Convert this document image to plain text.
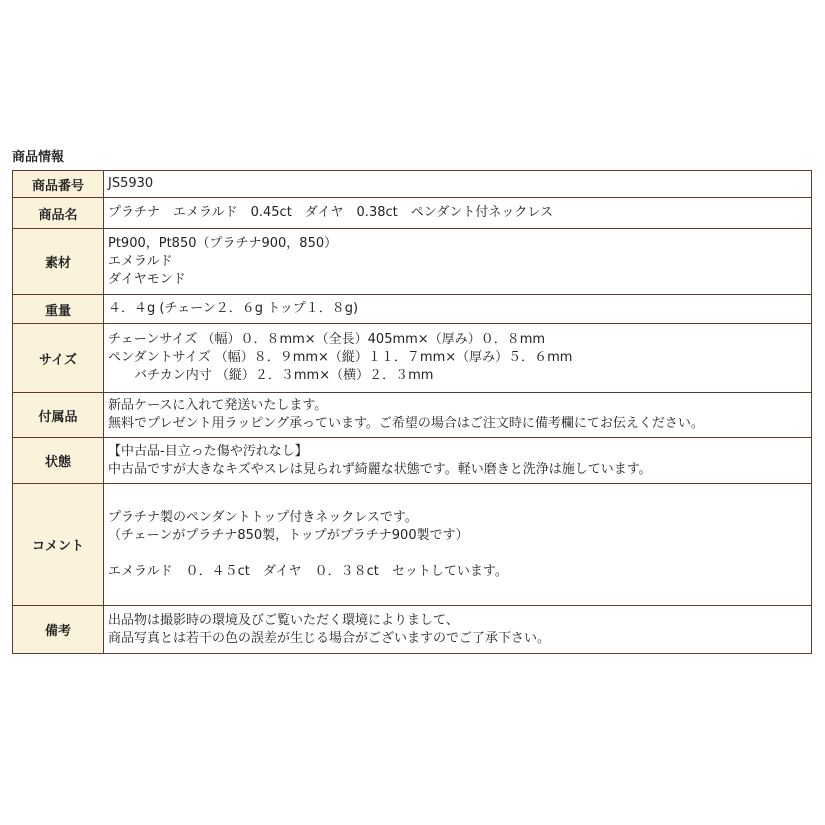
商品情報
商品番号	JS5930

商品名	プラチナ　エメラルド　0.45ct　ダイヤ　0.38ct　ペンダント付ネックレス

素材	Pt900，Pt850（プラチナ900，850）
エメラルド
ダイヤモンド

重量	４．４g (チェーン２．６g トップ１．８g)

サイズ	チェーンサイズ （幅）０．８mm×（全長）405mm×（厚み）０．８mm
ペンダントサイズ （幅）８．９mm×（縦）１１．７mm×（厚み）５．６mm
　　バチカン内寸 （縦）２．３mm×（横）２．３mm

付属品	新品ケースに入れて発送いたします。
無料でプレゼント用ラッピング承っています。ご希望の場合はご注文時に備考欄にてお伝えください。

状態	【中古品-目立った傷や汚れなし】
中古品ですが大きなキズやスレは見られず綺麗な状態です。軽い磨きと洗浄は施しています。

コメント	プラチナ製のペンダントトップ付きネックレスです。
（チェーンがプラチナ850製，トップがプラチナ900製です）
エメラルド　０．４５ct　ダイヤ　０．３８ct　セットしています。

備考	出品物は撮影時の環境及びご覧いただく環境によりまして、
商品写真とは若干の色の誤差が生じる場合がございますのでご了承下さい。
